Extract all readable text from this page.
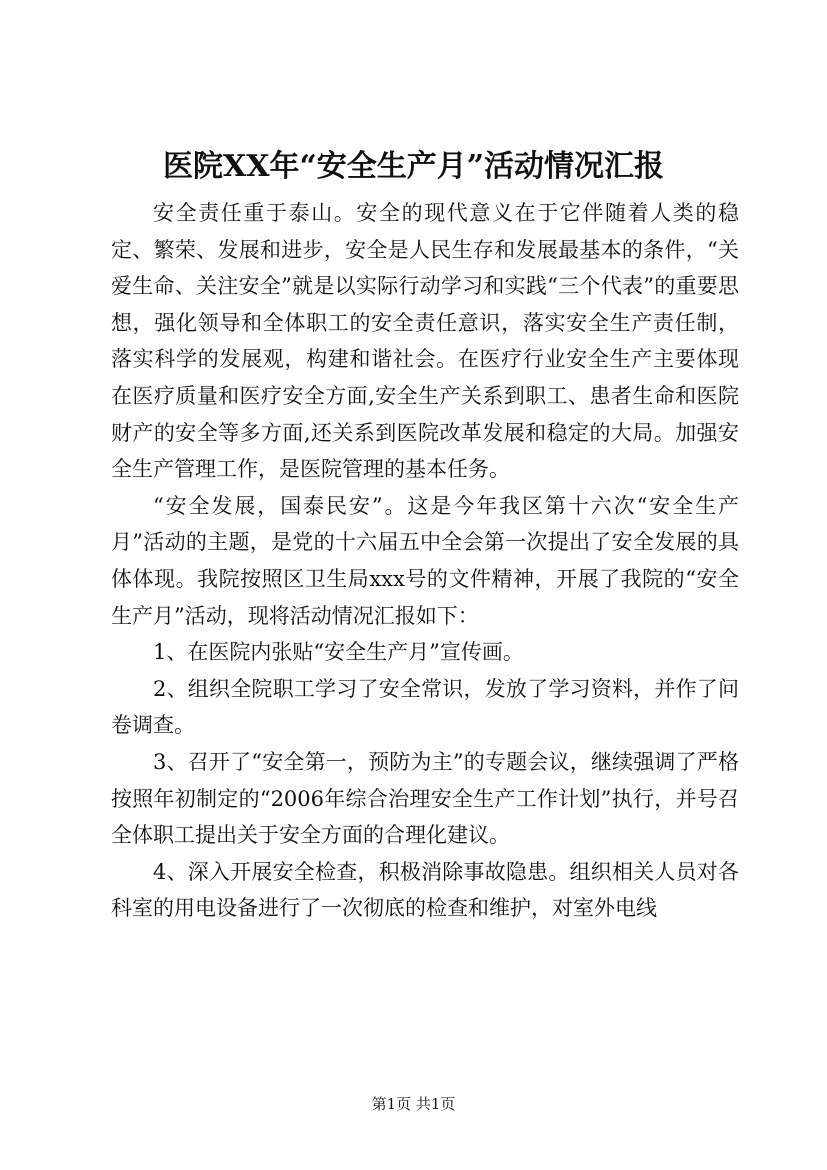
医院XX年“安全生产月”活动情况汇报

安全责任重于泰山。安全的现代意义在于它伴随着人类的稳定、繁荣、发展和进步，安全是人民生存和发展最基本的条件，“关爱生命、关注安全”就是以实际行动学习和实践“三个代表”的重要思想，强化领导和全体职工的安全责任意识，落实安全生产责任制，落实科学的发展观，构建和谐社会。在医疗行业安全生产主要体现在医疗质量和医疗安全方面,安全生产关系到职工、患者生命和医院财产的安全等多方面,还关系到医院改革发展和稳定的大局。加强安全生产管理工作，是医院管理的基本任务。

“安全发展，国泰民安”。这是今年我区第十六次“安全生产月”活动的主题，是党的十六届五中全会第一次提出了安全发展的具体体现。我院按照区卫生局xxx号的文件精神，开展了我院的“安全生产月”活动，现将活动情况汇报如下：

1、在医院内张贴“安全生产月”宣传画。

2、组织全院职工学习了安全常识，发放了学习资料，并作了问卷调查。

3、召开了“安全第一，预防为主”的专题会议，继续强调了严格按照年初制定的“2006年综合治理安全生产工作计划”执行，并号召全体职工提出关于安全方面的合理化建议。

4、深入开展安全检查，积极消除事故隐患。组织相关人员对各科室的用电设备进行了一次彻底的检查和维护，对室外电线

第1页 共1页
